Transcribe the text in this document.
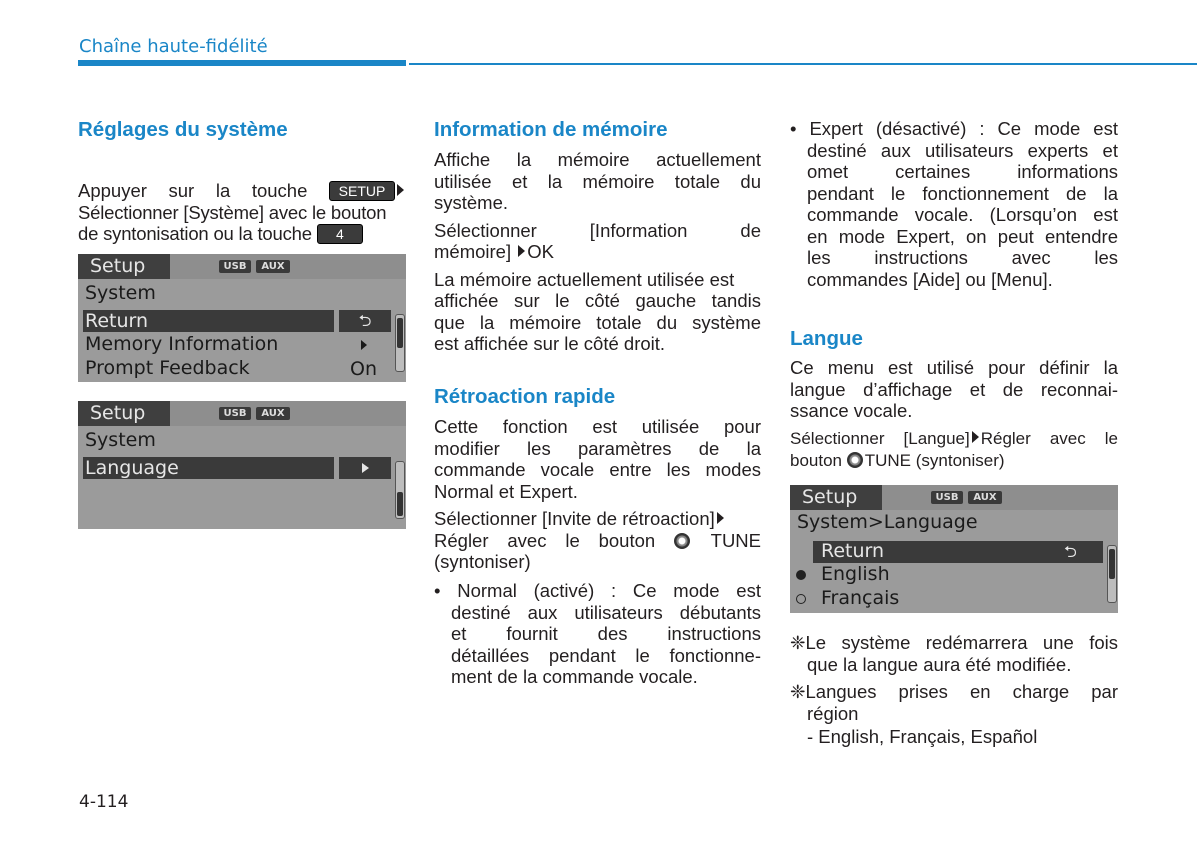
Chaîne haute-fidélité
Réglages du système

Appuyer sur la touche SETUP

Sélectionner [Système] avec le bouton

de syntonisation ou la touche 4

Setup	USB	AUX
System
Return	⮌
Memory Information
Prompt Feedback	On
Setup	USB	AUX
System
Language
Information de mémoire

Affiche la mémoire actuellement

utilisée et la mémoire totale du

système.

Sélectionner [Information de

mémoire] OK

La mémoire actuellement utilisée est

affichée sur le côté gauche tandis

que la mémoire totale du système

est affichée sur le côté droit.

Rétroaction rapide

Cette fonction est utilisée pour

modifier les paramètres de la

commande vocale entre les modes

Normal et Expert.

Sélectionner [Invite de rétroaction]

Régler avec le bouton	TUNE

(syntoniser)

• Normal (activé) : Ce mode est

destiné aux utilisateurs débutants

et fournit des instructions

détaillées pendant le fonctionne-

ment de la commande vocale.

• Expert (désactivé) : Ce mode est

destiné aux utilisateurs experts et

omet certaines informations

pendant le fonctionnement de la

commande vocale. (Lorsqu’on est

en mode Expert, on peut entendre

les instructions avec les

commandes [Aide] ou [Menu].

Langue

Ce menu est utilisé pour définir la

langue d’affichage et de reconnai-

ssance vocale.

Sélectionner [Langue] Régler avec le

bouton TUNE (syntoniser)

Setup	USB	AUX
System>Language
Return	⮌
English
Français

❈Le système redémarrera une fois

que la langue aura été modifiée.

❈Langues prises en charge par

région

- English, Français, Español

4-114
